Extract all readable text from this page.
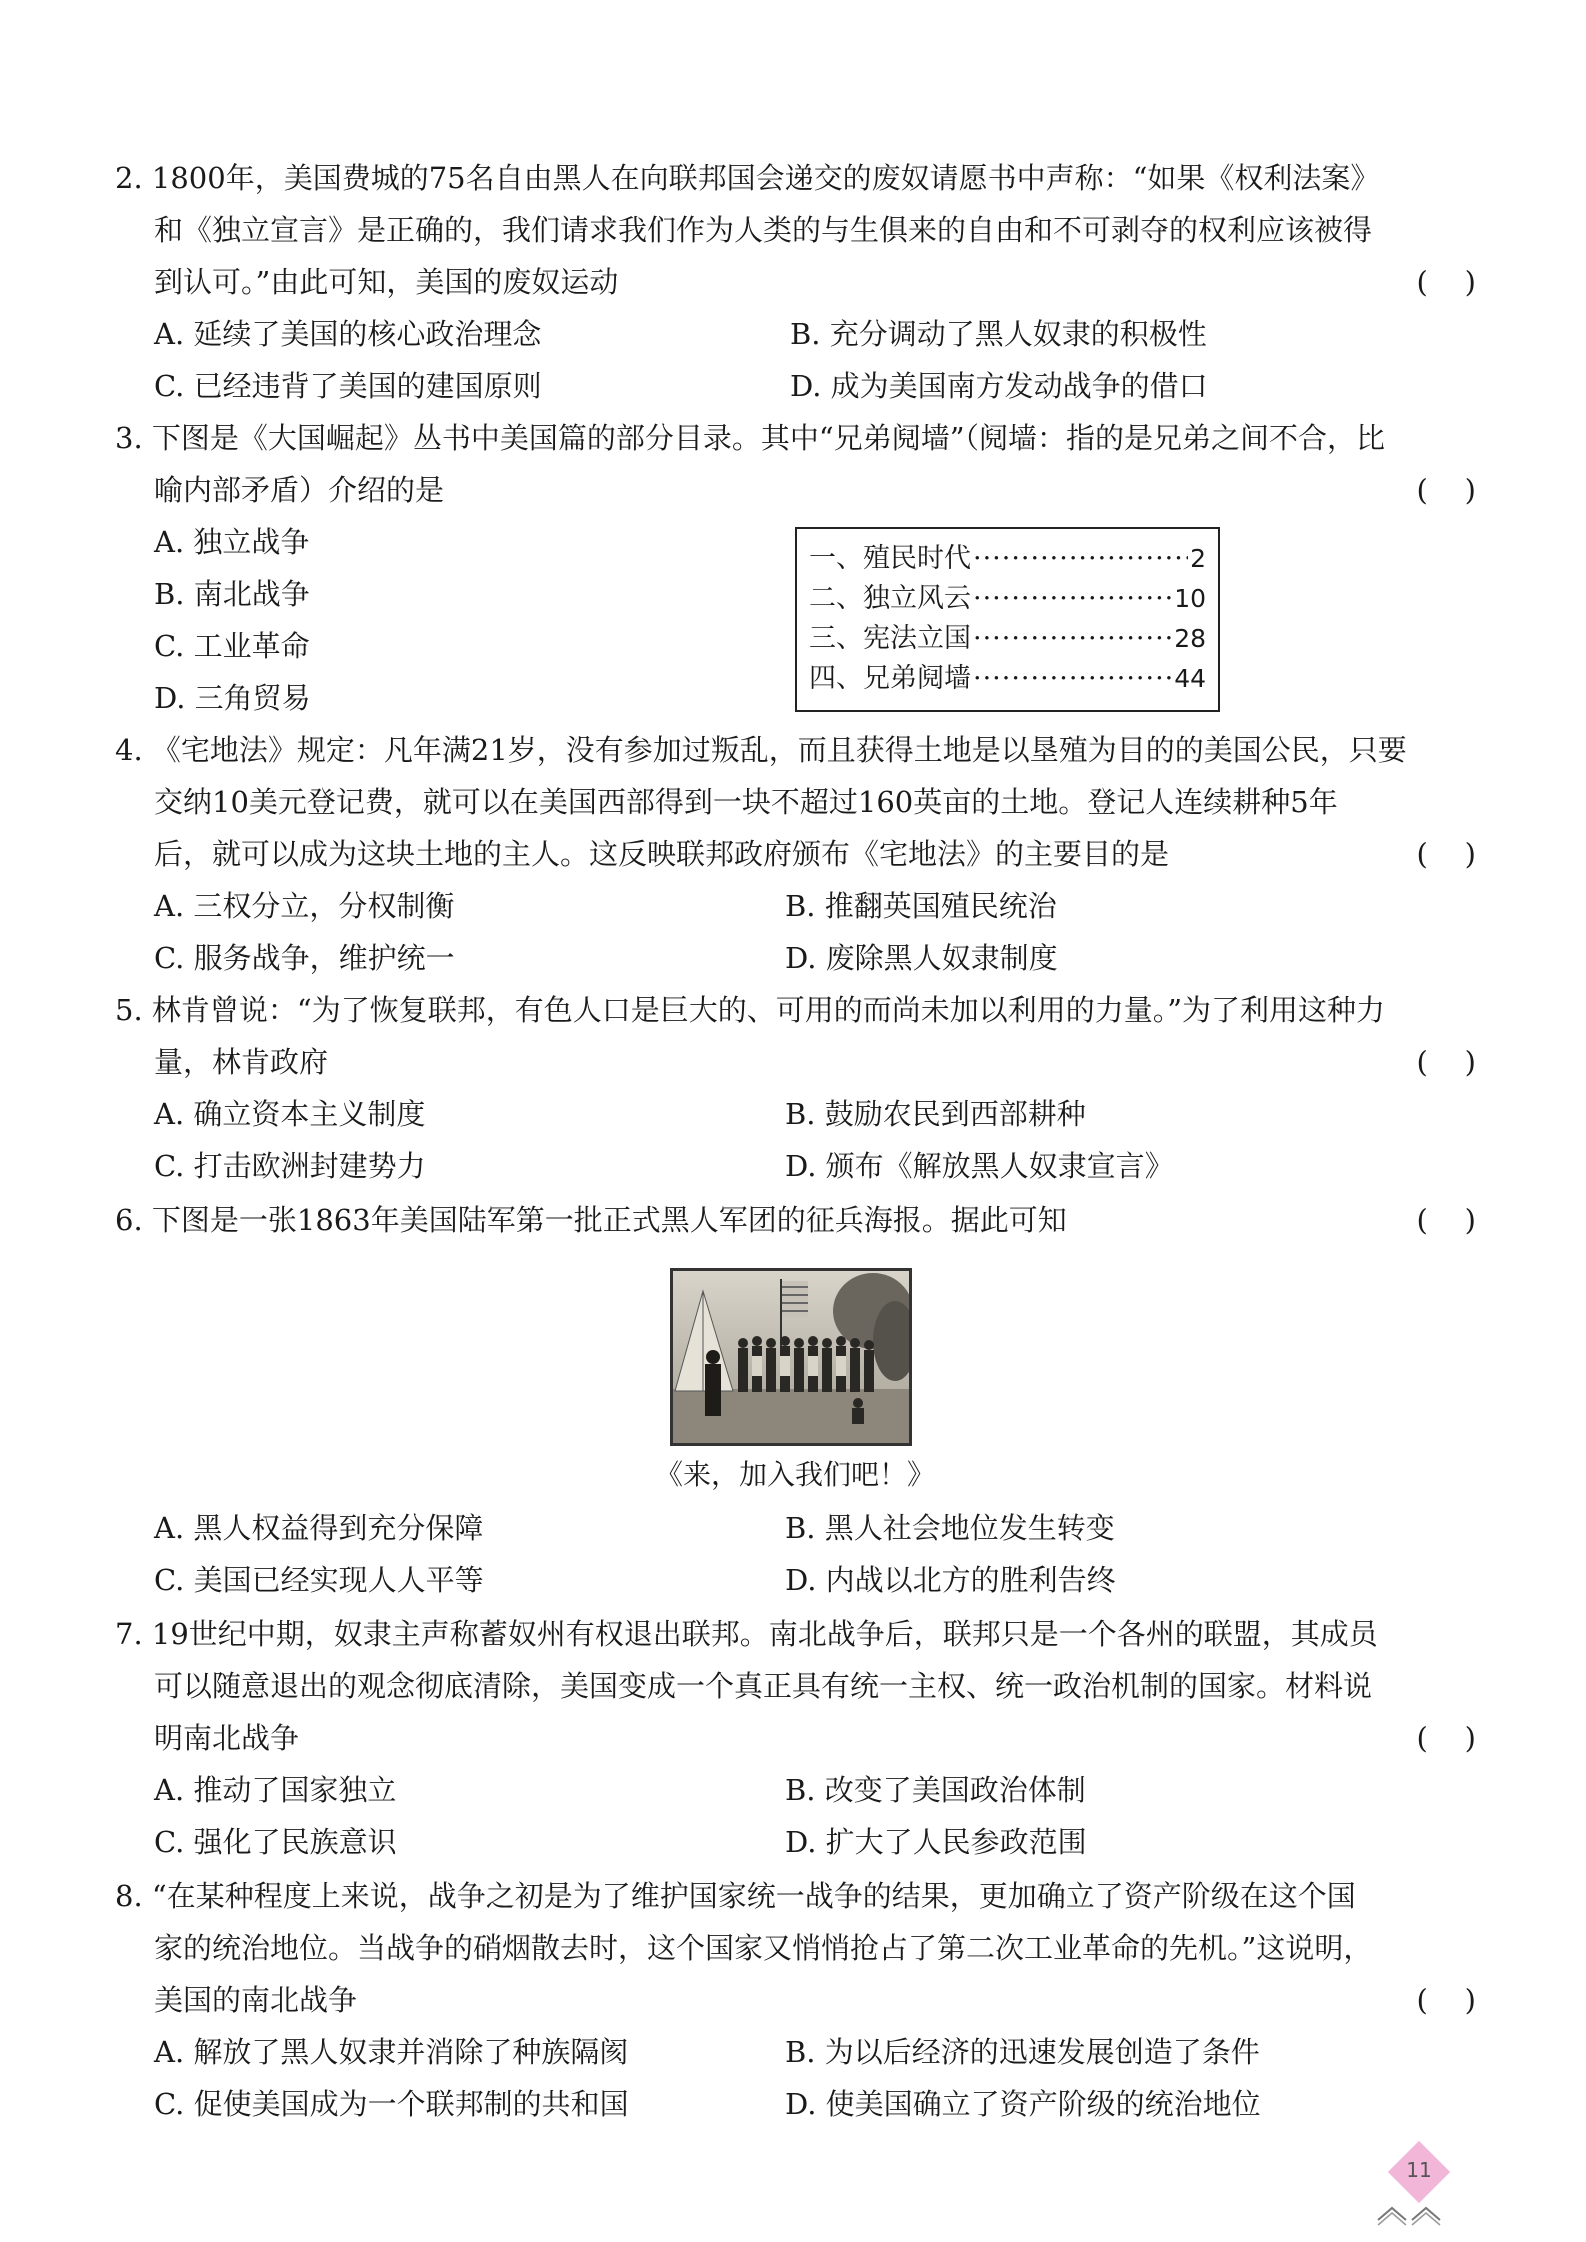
2. 1800年，美国费城的75名自由黑人在向联邦国会递交的废奴请愿书中声称：“如果《权利法案》
和《独立宣言》是正确的，我们请求我们作为人类的与生俱来的自由和不可剥夺的权利应该被得
到认可。”由此可知，美国的废奴运动	(    )
A. 延续了美国的核心政治理念	B. 充分调动了黑人奴隶的积极性
C. 已经违背了美国的建国原则	D. 成为美国南方发动战争的借口
3. 下图是《大国崛起》丛书中美国篇的部分目录。其中“兄弟阋墙”（阋墙：指的是兄弟之间不合，比
喻内部矛盾）介绍的是	(    )
A. 独立战争
B. 南北战争
C. 工业革命
D. 三角贸易
一、殖民时代 ·····	2
二、独立风云 ·····	10
三、宪法立国 ·····	28
四、兄弟阋墙 ·····	44
4. 《宅地法》规定：凡年满21岁，没有参加过叛乱，而且获得土地是以垦殖为目的的美国公民，只要
交纳10美元登记费，就可以在美国西部得到一块不超过160英亩的土地。登记人连续耕种5年
后，就可以成为这块土地的主人。这反映联邦政府颁布《宅地法》的主要目的是	(    )
A. 三权分立，分权制衡	B. 推翻英国殖民统治
C. 服务战争，维护统一	D. 废除黑人奴隶制度
5. 林肯曾说：“为了恢复联邦，有色人口是巨大的、可用的而尚未加以利用的力量。”为了利用这种力
量，林肯政府	(    )
A. 确立资本主义制度	B. 鼓励农民到西部耕种
C. 打击欧洲封建势力	D. 颁布《解放黑人奴隶宣言》
6. 下图是一张1863年美国陆军第一批正式黑人军团的征兵海报。据此可知	(    )
《来，加入我们吧！》
A. 黑人权益得到充分保障	B. 黑人社会地位发生转变
C. 美国已经实现人人平等	D. 内战以北方的胜利告终
7. 19世纪中期，奴隶主声称蓄奴州有权退出联邦。南北战争后，联邦只是一个各州的联盟，其成员
可以随意退出的观念彻底清除，美国变成一个真正具有统一主权、统一政治机制的国家。材料说
明南北战争	(    )
A. 推动了国家独立	B. 改变了美国政治体制
C. 强化了民族意识	D. 扩大了人民参政范围
8. “在某种程度上来说，战争之初是为了维护国家统一战争的结果，更加确立了资产阶级在这个国
家的统治地位。当战争的硝烟散去时，这个国家又悄悄抢占了第二次工业革命的先机。”这说明，
美国的南北战争	(    )
A. 解放了黑人奴隶并消除了种族隔阂	B. 为以后经济的迅速发展创造了条件
C. 促使美国成为一个联邦制的共和国	D. 使美国确立了资产阶级的统治地位
11
